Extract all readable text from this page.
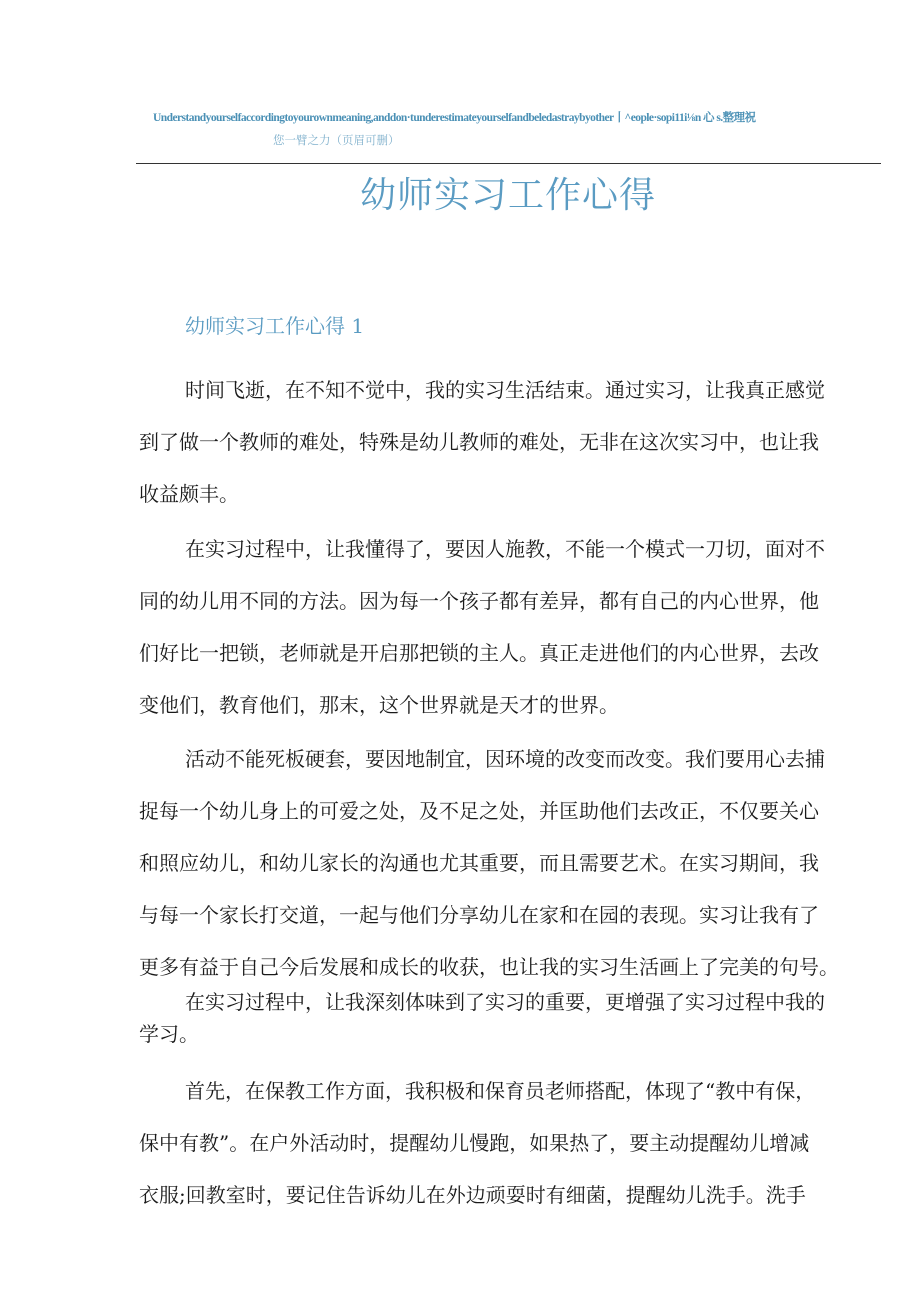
Understandyourselfaccordingtoyourownmeaning,anddon·tunderestimateyourselfandbeledastraybyother丨^eople·sopi11i⅛n 心 s.整理祝
您一臂之力（页眉可删）
幼师实习工作心得
幼师实习工作心得 1
时间飞逝，在不知不觉中，我的实习生活结束。通过实习，让我真正感觉
到了做一个教师的难处，特殊是幼儿教师的难处，无非在这次实习中，也让我
收益颇丰。
在实习过程中，让我懂得了，要因人施教，不能一个模式一刀切，面对不
同的幼儿用不同的方法。因为每一个孩子都有差异，都有自己的内心世界，他
们好比一把锁，老师就是开启那把锁的主人。真正走进他们的内心世界，去改
变他们，教育他们，那末，这个世界就是天才的世界。
活动不能死板硬套，要因地制宜，因环境的改变而改变。我们要用心去捕
捉每一个幼儿身上的可爱之处，及不足之处，并匡助他们去改正，不仅要关心
和照应幼儿，和幼儿家长的沟通也尤其重要，而且需要艺术。在实习期间，我
与每一个家长打交道，一起与他们分享幼儿在家和在园的表现。实习让我有了
更多有益于自己今后发展和成长的收获，也让我的实习生活画上了完美的句号。
在实习过程中，让我深刻体味到了实习的重要，更增强了实习过程中我的
学习。
首先，在保教工作方面，我积极和保育员老师搭配，体现了“教中有保，
保中有教”。在户外活动时，提醒幼儿慢跑，如果热了，要主动提醒幼儿增减
衣服;回教室时，要记住告诉幼儿在外边顽耍时有细菌，提醒幼儿洗手。洗手
